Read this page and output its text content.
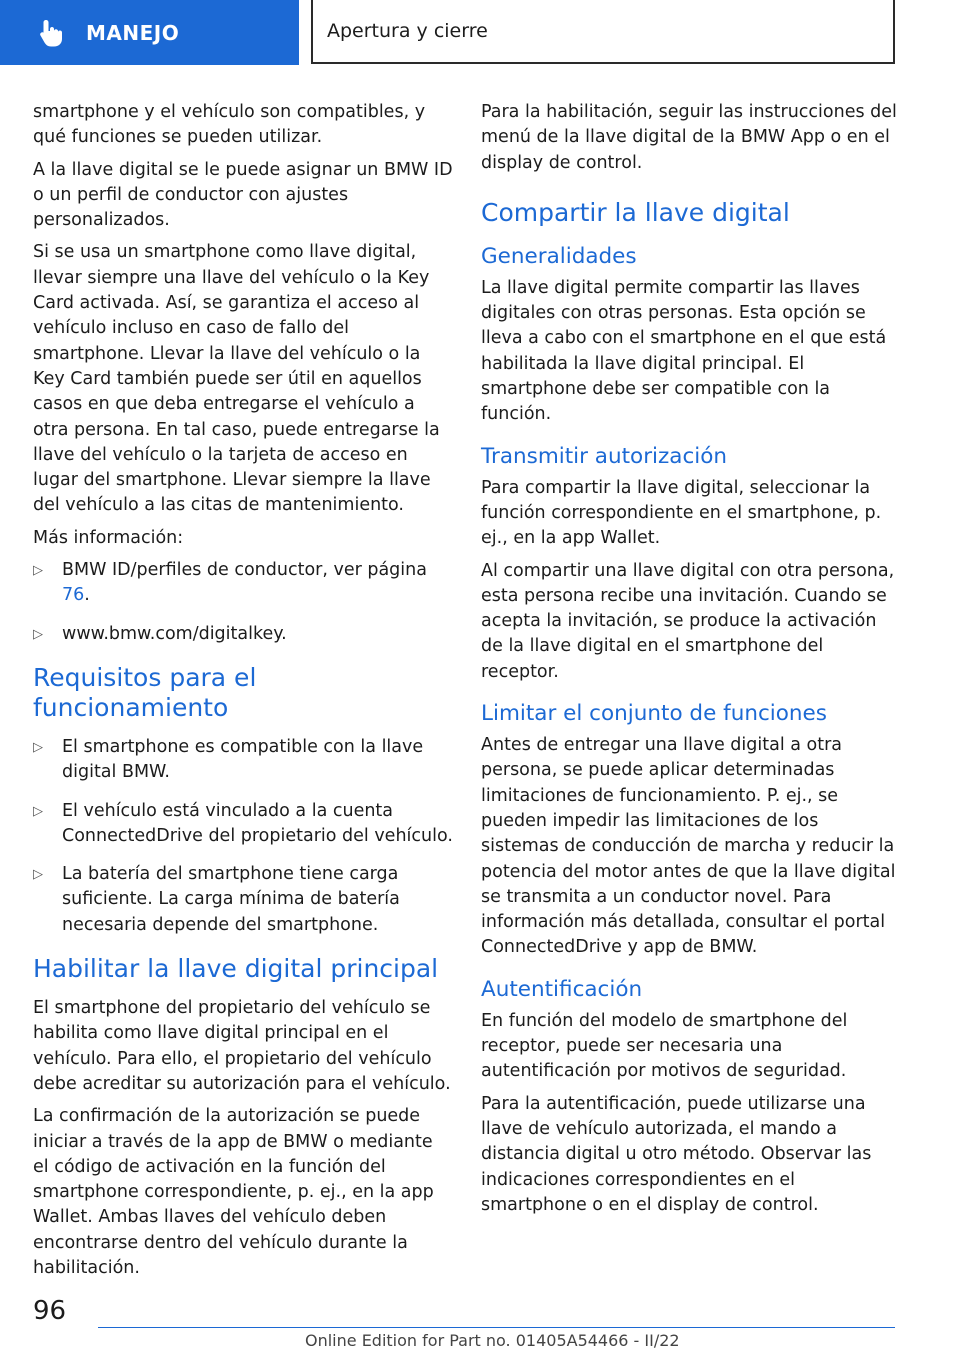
MANEJO	Apertura y cierre

smartphone y el vehículo son compatibles, y qué funciones se pueden utilizar.

A la llave digital se le puede asignar un BMW ID o un perfil de conductor con ajustes personalizados.

Si se usa un smartphone como llave digital, llevar siempre una llave del vehículo o la Key Card activada. Así, se garantiza el acceso al vehículo incluso en caso de fallo del smartphone. Llevar la llave del vehículo o la Key Card también puede ser útil en aquellos casos en que deba entregarse el vehículo a otra persona. En tal caso, puede entregarse la llave del vehículo o la tarjeta de acceso en lugar del smartphone. Llevar siempre la llave del vehículo a las citas de mantenimiento.

Más información:

▷ BMW ID/perfiles de conductor, ver página 76.
▷ www.bmw.com/digitalkey.
Requisitos para el funcionamiento
▷ El smartphone es compatible con la llave digital BMW.
▷ El vehículo está vinculado a la cuenta ConnectedDrive del propietario del vehículo.
▷ La batería del smartphone tiene carga suficiente. La carga mínima de batería necesaria depende del smartphone.
Habilitar la llave digital principal

El smartphone del propietario del vehículo se habilita como llave digital principal en el vehículo. Para ello, el propietario del vehículo debe acreditar su autorización para el vehículo.

La confirmación de la autorización se puede iniciar a través de la app de BMW o mediante el código de activación en la función del smartphone correspondiente, p. ej., en la app Wallet. Ambas llaves del vehículo deben encontrarse dentro del vehículo durante la habilitación.

Para la habilitación, seguir las instrucciones del menú de la llave digital de la BMW App o en el display de control.

Compartir la llave digital
Generalidades

La llave digital permite compartir las llaves digitales con otras personas. Esta opción se lleva a cabo con el smartphone en el que está habilitada la llave digital principal. El smartphone debe ser compatible con la función.

Transmitir autorización

Para compartir la llave digital, seleccionar la función correspondiente en el smartphone, p. ej., en la app Wallet.

Al compartir una llave digital con otra persona, esta persona recibe una invitación. Cuando se acepta la invitación, se produce la activación de la llave digital en el smartphone del receptor.

Limitar el conjunto de funciones

Antes de entregar una llave digital a otra persona, se puede aplicar determinadas limitaciones de funcionamiento. P. ej., se pueden impedir las limitaciones de los sistemas de conducción de marcha y reducir la potencia del motor antes de que la llave digital se transmita a un conductor novel. Para información más detallada, consultar el portal ConnectedDrive y app de BMW.

Autentificación

En función del modelo de smartphone del receptor, puede ser necesaria una autentificación por motivos de seguridad.

Para la autentificación, puede utilizarse una llave de vehículo autorizada, el mando a distancia digital u otro método. Observar las indicaciones correspondientes en el smartphone o en el display de control.

96
Online Edition for Part no. 01405A54466 - II/22
